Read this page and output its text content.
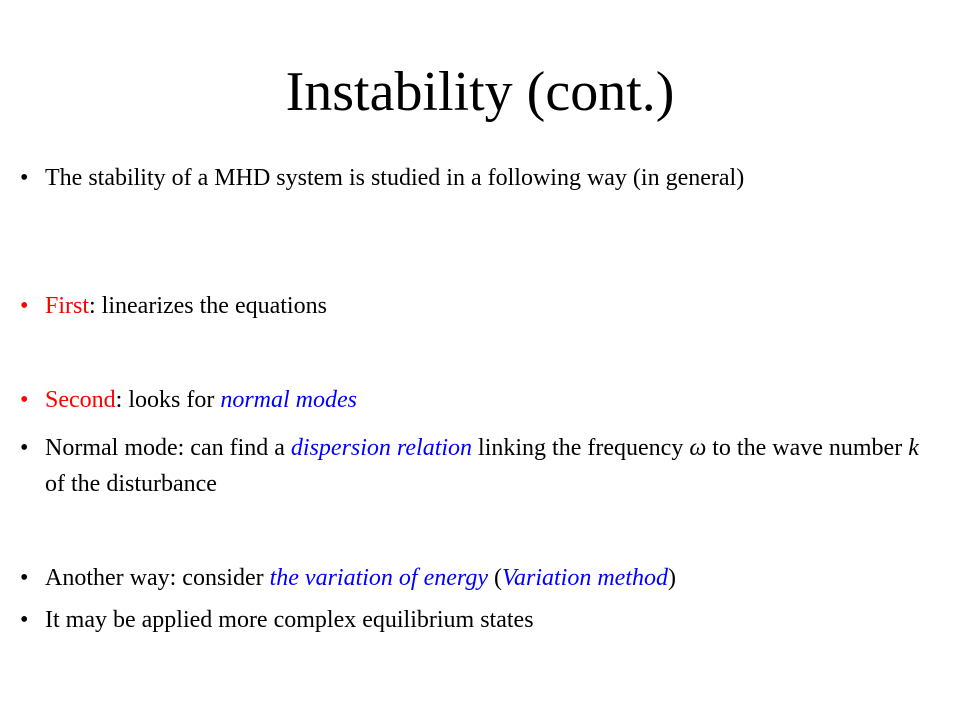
Instability (cont.)
• The stability of a MHD system is studied in a following way (in general)
• First: linearizes the equations
• Second: looks for normal modes
• Normal mode: can find a dispersion relation linking the frequency ω to the wave number k of the disturbance
• Another way: consider the variation of energy (Variation method)
• It may be applied more complex equilibrium states
